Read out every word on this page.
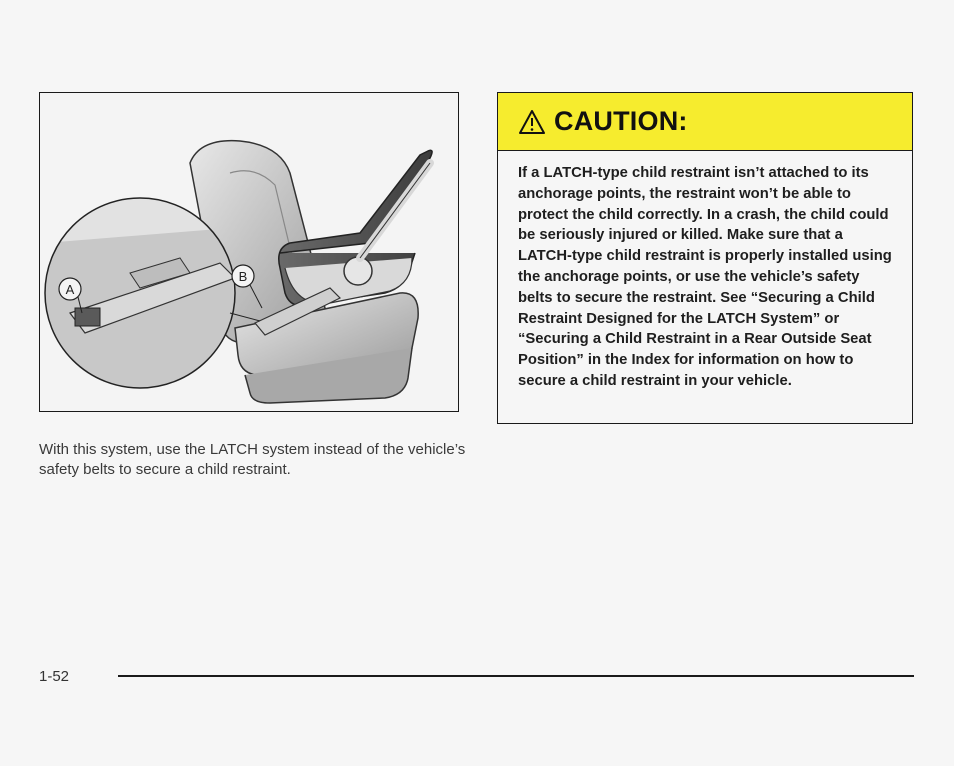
A
B

With this system, use the LATCH system instead of the vehicle’s safety belts to secure a child restraint.

CAUTION:

If a LATCH-type child restraint isn’t attached to its anchorage points, the restraint won’t be able to protect the child correctly. In a crash, the child could be seriously injured or killed. Make sure that a LATCH-type child restraint is properly installed using the anchorage points, or use the vehicle’s safety belts to secure the restraint. See “Securing a Child Restraint Designed for the LATCH System” or “Securing a Child Restraint in a Rear Outside Seat Position” in the Index for information on how to secure a child restraint in your vehicle.

1-52
